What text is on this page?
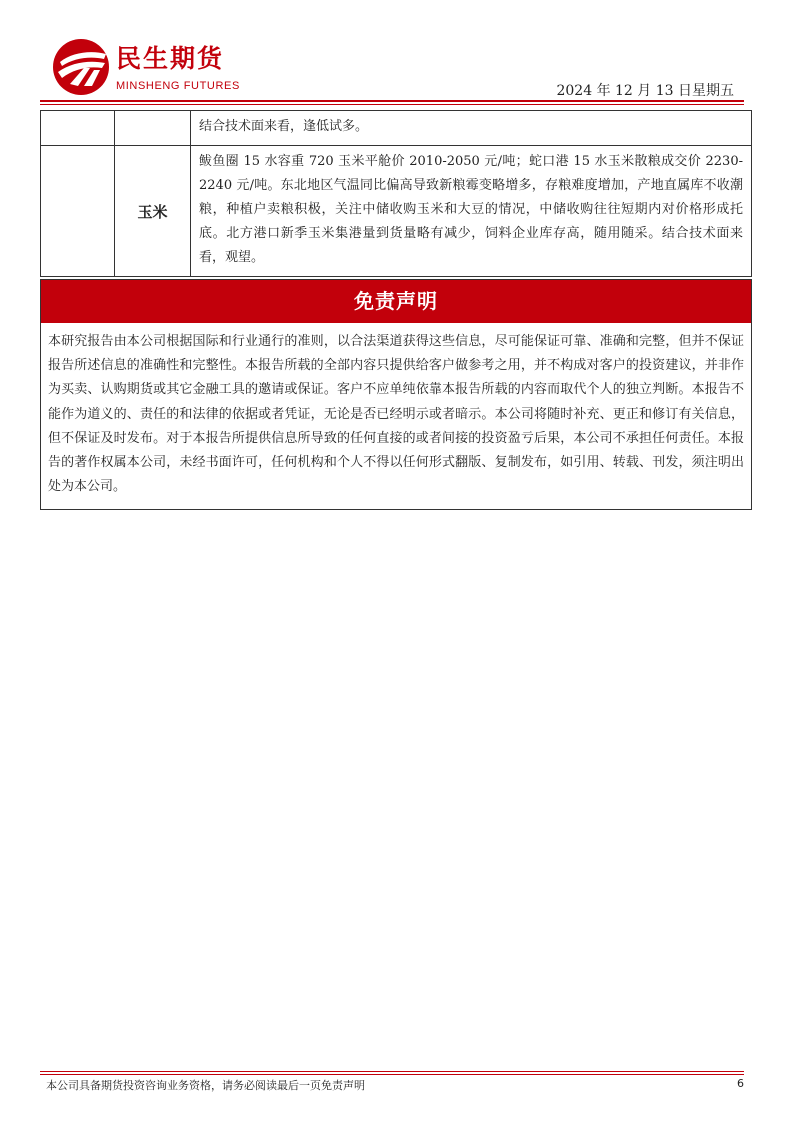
民生期货
MINSHENG FUTURES	2024 年 12 月 13 日星期五
结合技术面来看，逢低试多。
玉米
鲅鱼圈 15 水容重 720 玉米平舱价 2010-2050 元/吨；蛇口港 15 水玉米散粮成交价 2230-2240 元/吨。东北地区气温同比偏高导致新粮霉变略增多，存粮难度增加，产地直属库不收潮粮，种植户卖粮积极，关注中储收购玉米和大豆的情况，中储收购往往短期内对价格形成托底。北方港口新季玉米集港量到货量略有减少，饲料企业库存高，随用随采。结合技术面来看，观望。
免责声明
本研究报告由本公司根据国际和行业通行的准则，以合法渠道获得这些信息，尽可能保证可靠、准确和完整，但并不保证报告所述信息的准确性和完整性。本报告所载的全部内容只提供给客户做参考之用，并不构成对客户的投资建议，并非作为买卖、认购期货或其它金融工具的邀请或保证。客户不应单纯依靠本报告所载的内容而取代个人的独立判断。本报告不能作为道义的、责任的和法律的依据或者凭证，无论是否已经明示或者暗示。本公司将随时补充、更正和修订有关信息，但不保证及时发布。对于本报告所提供信息所导致的任何直接的或者间接的投资盈亏后果，本公司不承担任何责任。本报告的著作权属本公司，未经书面许可，任何机构和个人不得以任何形式翻版、复制发布，如引用、转载、刊发，须注明出处为本公司。
本公司具备期货投资咨询业务资格，请务必阅读最后一页免责声明	6
